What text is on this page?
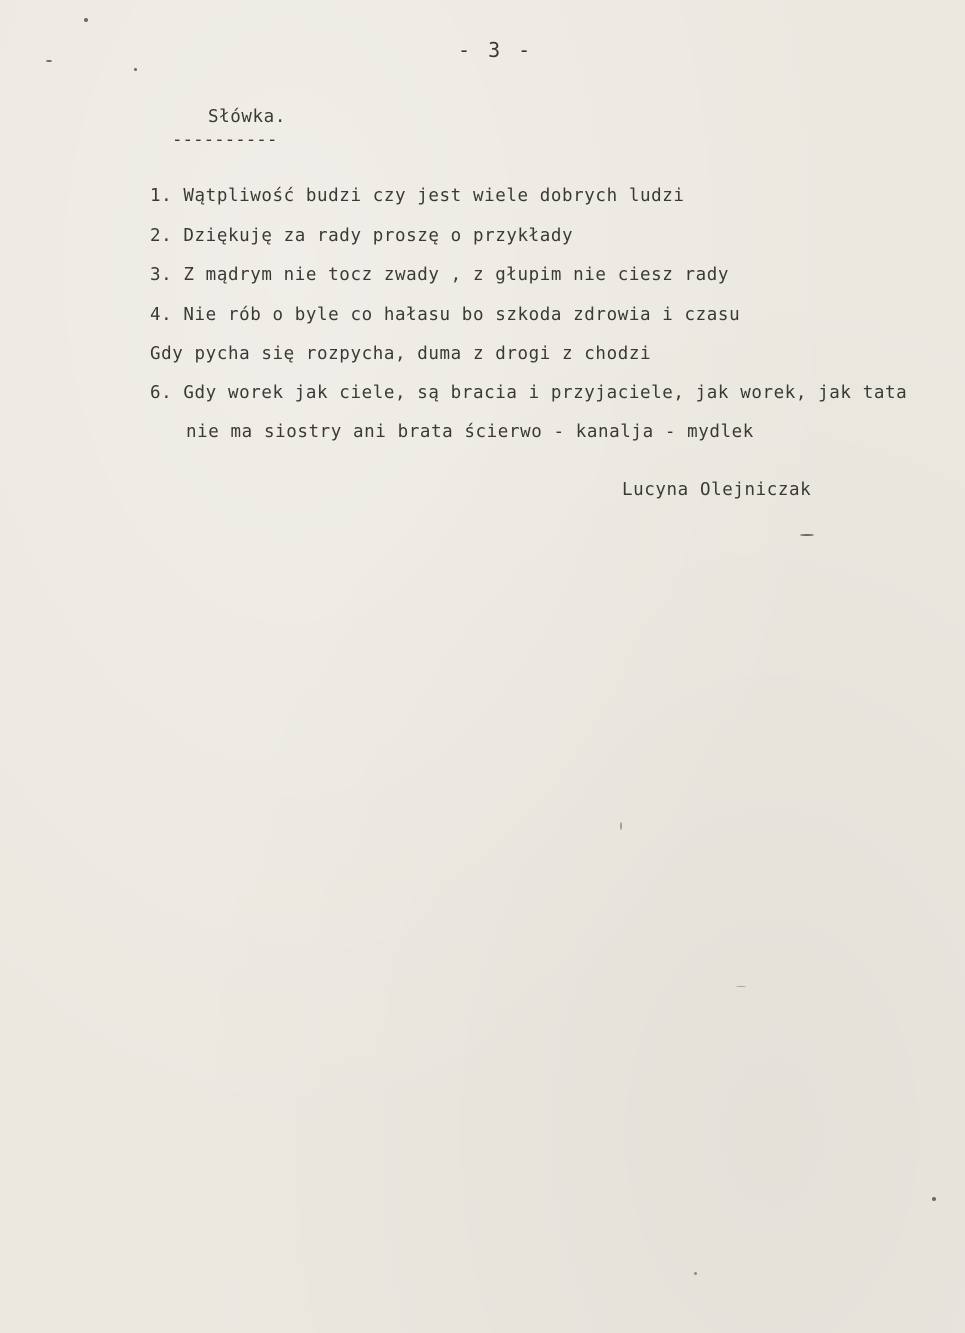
- 3 -
Słówka.
----------
1. Wątpliwość budzi czy jest wiele dobrych ludzi
2. Dziękuję za rady proszę o przykłady
3. Z mądrym nie tocz zwady , z głupim nie ciesz rady
4. Nie rób o byle co hałasu bo szkoda zdrowia i czasu
Gdy pycha się rozpycha, duma z drogi z chodzi
6. Gdy worek jak ciele, są bracia i przyjaciele, jak worek, jak tata
nie ma siostry ani brata ścierwo - kanalja - mydlek
Lucyna Olejniczak
